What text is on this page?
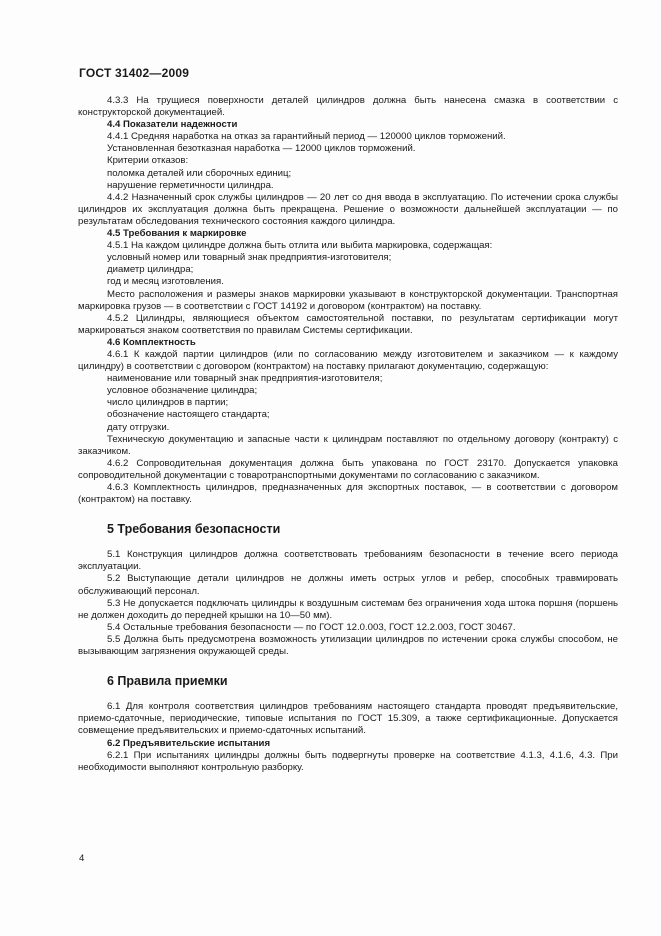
ГОСТ 31402—2009

4.3.3 На трущиеся поверхности деталей цилиндров должна быть нанесена смазка в соответствии с конструкторской документацией.

4.4 Показатели надежности

4.4.1 Средняя наработка на отказ за гарантийный период — 120000 циклов торможений.

Установленная безотказная наработка — 12000 циклов торможений.

Критерии отказов:

поломка деталей или сборочных единиц;

нарушение герметичности цилиндра.

4.4.2 Назначенный срок службы цилиндров — 20 лет со дня ввода в эксплуатацию. По истечении срока службы цилиндров их эксплуатация должна быть прекращена. Решение о возможности дальнейшей эксплуатации — по результатам обследования технического состояния каждого цилиндра.

4.5 Требования к маркировке

4.5.1 На каждом цилиндре должна быть отлита или выбита маркировка, содержащая:

условный номер или товарный знак предприятия-изготовителя;

диаметр цилиндра;

год и месяц изготовления.

Место расположения и размеры знаков маркировки указывают в конструкторской документации. Транспортная маркировка грузов — в соответствии с ГОСТ 14192 и договором (контрактом) на поставку.

4.5.2 Цилиндры, являющиеся объектом самостоятельной поставки, по результатам сертификации могут маркироваться знаком соответствия по правилам Системы сертификации.

4.6 Комплектность

4.6.1 К каждой партии цилиндров (или по согласованию между изготовителем и заказчиком — к каждому цилиндру) в соответствии с договором (контрактом) на поставку прилагают документацию, содержащую:

наименование или товарный знак предприятия-изготовителя;

условное обозначение цилиндра;

число цилиндров в партии;

обозначение настоящего стандарта;

дату отгрузки.

Техническую документацию и запасные части к цилиндрам поставляют по отдельному договору (контракту) с заказчиком.

4.6.2 Сопроводительная документация должна быть упакована по ГОСТ 23170. Допускается упаковка сопроводительной документации с товаротранспортными документами по согласованию с заказчиком.

4.6.3 Комплектность цилиндров, предназначенных для экспортных поставок, — в соответствии с договором (контрактом) на поставку.

5 Требования безопасности

5.1 Конструкция цилиндров должна соответствовать требованиям безопасности в течение всего периода эксплуатации.

5.2 Выступающие детали цилиндров не должны иметь острых углов и ребер, способных травмировать обслуживающий персонал.

5.3 Не допускается подключать цилиндры к воздушным системам без ограничения хода штока поршня (поршень не должен доходить до передней крышки на 10—50 мм).

5.4 Остальные требования безопасности — по ГОСТ 12.0.003, ГОСТ 12.2.003, ГОСТ 30467.

5.5 Должна быть предусмотрена возможность утилизации цилиндров по истечении срока службы способом, не вызывающим загрязнения окружающей среды.

6 Правила приемки

6.1 Для контроля соответствия цилиндров требованиям настоящего стандарта проводят предъявительские, приемо-сдаточные, периодические, типовые испытания по ГОСТ 15.309, а также сертификационные. Допускается совмещение предъявительских и приемо-сдаточных испытаний.

6.2 Предъявительские испытания

6.2.1 При испытаниях цилиндры должны быть подвергнуты проверке на соответствие 4.1.3, 4.1.6, 4.3. При необходимости выполняют контрольную разборку.

4
